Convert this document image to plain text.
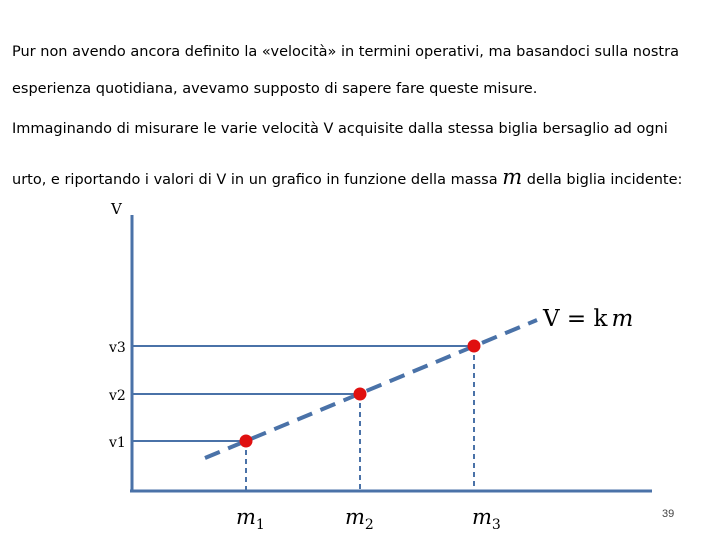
Pur non avendo ancora definito la «velocità» in termini operativi, ma basandoci sulla nostra
esperienza quotidiana, avevamo supposto di sapere fare queste misure.
Immaginando di misurare le varie velocità V acquisite dalla stessa biglia bersaglio ad ogni
urto, e riportando i valori di V in un grafico in funzione della massa m della biglia incidente:
V
v3
v2
v1
V = k m
$m_1$	$m_2$	$m_3$
39
